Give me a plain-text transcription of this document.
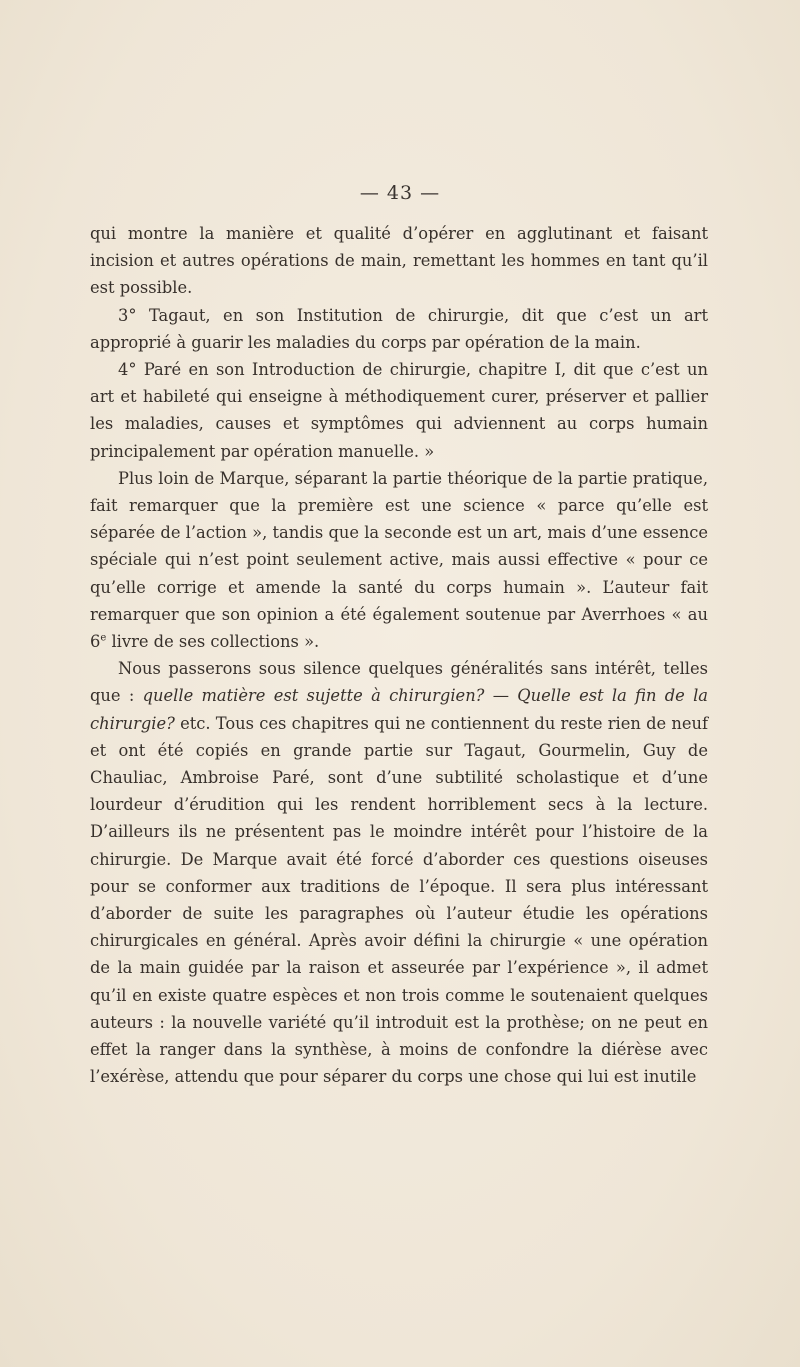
— 43 —

qui montre la manière et qualité d’opérer en agglutinant et faisant incision et autres opérations de main, remettant les hommes en tant qu’il est possible.

3° Tagaut, en son Institution de chirurgie, dit que c’est un art approprié à guarir les maladies du corps par opération de la main.

4° Paré en son Introduction de chirurgie, chapitre I, dit que c’est un art et habileté qui enseigne à méthodiquement curer, préserver et pallier les maladies, causes et symptômes qui adviennent au corps humain principalement par opération manuelle. »

Plus loin de Marque, séparant la partie théorique de la partie pratique, fait remarquer que la première est une science « parce qu’elle est séparée de l’action », tandis que la seconde est un art, mais d’une essence spéciale qui n’est point seulement active, mais aussi effective « pour ce qu’elle corrige et amende la santé du corps humain ». L’auteur fait remarquer que son opinion a été également soutenue par Averrhoes « au 6e livre de ses collections ».

Nous passerons sous silence quelques généralités sans intérêt, telles que : quelle matière est sujette à chirurgien? — Quelle est la fin de la chirurgie? etc. Tous ces chapitres qui ne contiennent du reste rien de neuf et ont été copiés en grande partie sur Tagaut, Gourmelin, Guy de Chauliac, Ambroise Paré, sont d’une subtilité scholastique et d’une lourdeur d’érudition qui les rendent horriblement secs à la lecture. D’ailleurs ils ne présentent pas le moindre intérêt pour l’histoire de la chirurgie. De Marque avait été forcé d’aborder ces questions oiseuses pour se conformer aux traditions de l’époque. Il sera plus intéressant d’aborder de suite les paragraphes où l’auteur étudie les opérations chirurgicales en général. Après avoir défini la chirurgie « une opération de la main guidée par la raison et asseurée par l’expérience », il admet qu’il en existe quatre espèces et non trois comme le soutenaient quelques auteurs : la nouvelle variété qu’il introduit est la prothèse; on ne peut en effet la ranger dans la synthèse, à moins de confondre la diérèse avec l’exérèse, attendu que pour séparer du corps une chose qui lui est inutile
